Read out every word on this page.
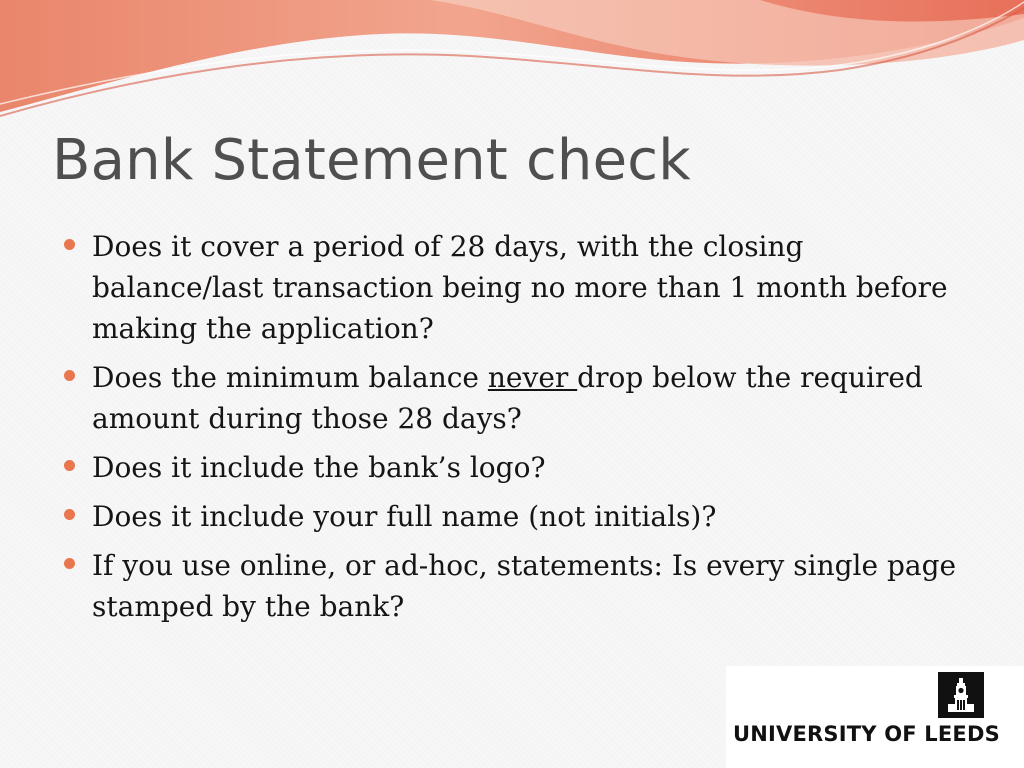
Bank Statement check
Does it cover a period of 28 days, with the closing balance/last transaction being no more than 1 month before making the application?
Does the minimum balance never drop below the required amount during those 28 days?
Does it include the bank’s logo?
Does it include your full name (not initials)?
If you use online, or ad-hoc, statements: Is every single page stamped by the bank?
UNIVERSITY OF LEEDS
